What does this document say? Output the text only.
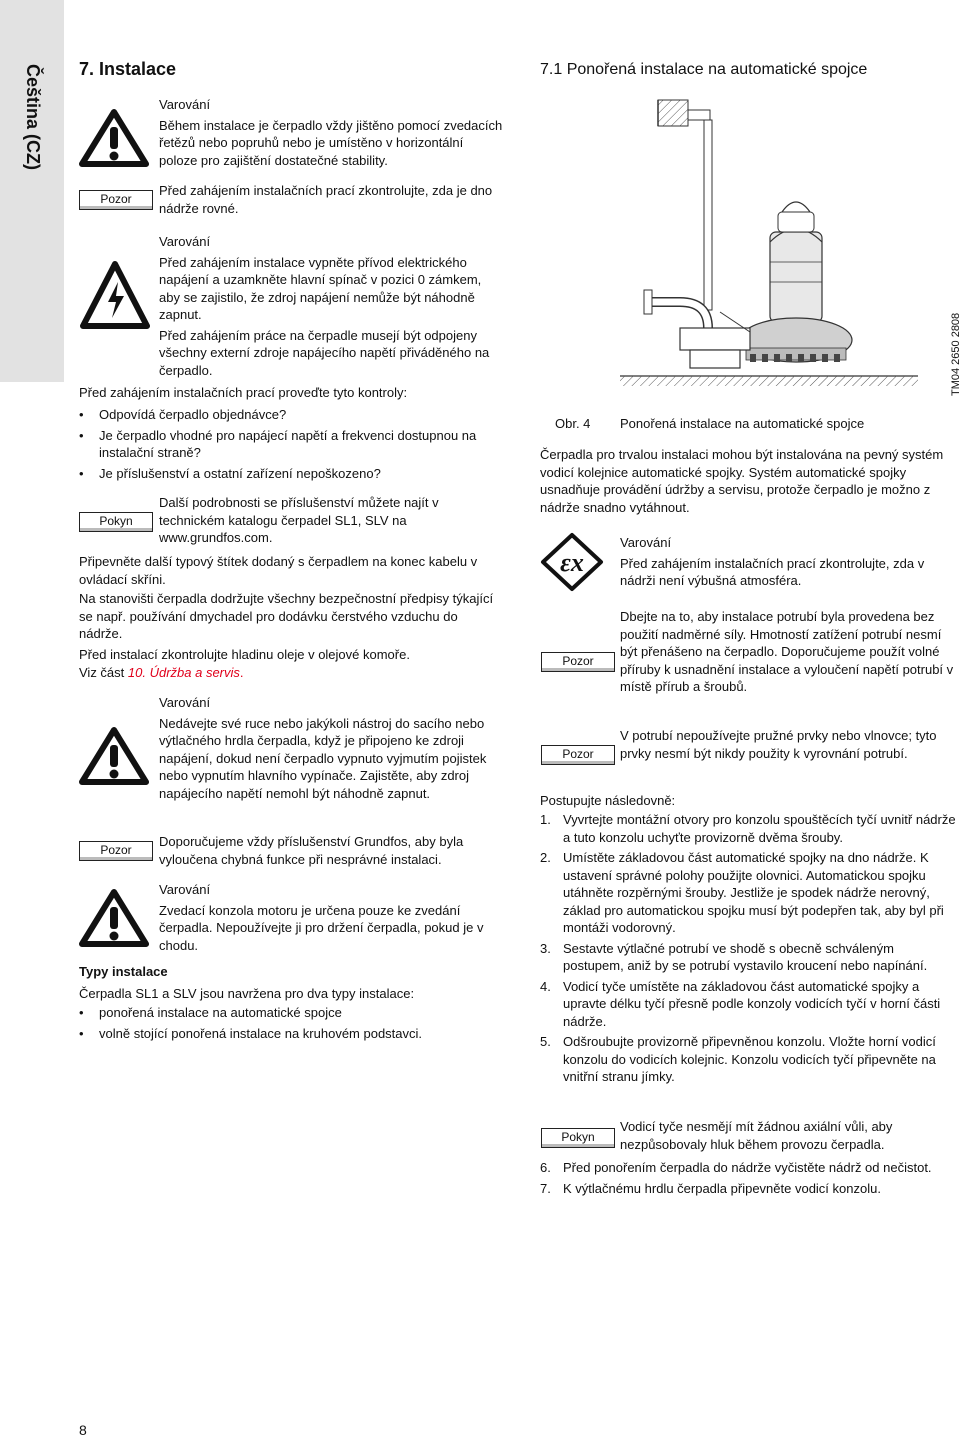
Čeština (CZ) 7. Instalace

Varování

Během instalace je čerpadlo vždy jištěno pomocí zvedacích řetězů nebo popruhů nebo je umístěno v horizontální poloze pro zajištění dostatečné stability.

Pozor
Před zahájením instalačních prací zkontrolujte, zda je dno nádrže rovné.

Varování

Před zahájením instalace vypněte přívod elektrického napájení a uzamkněte hlavní spínač v pozici 0 zámkem, aby se zajistilo, že zdroj napájení nemůže být náhodně zapnut.

Před zahájením práce na čerpadle musejí být odpojeny všechny externí zdroje napájecího napětí přiváděného na čerpadlo.

Před zahájením instalačních prací proveďte tyto kontroly:
• Odpovídá čerpadlo objednávce?
• Je čerpadlo vhodné pro napájecí napětí a frekvenci dostupnou na instalační straně?
• Je příslušenství a ostatní zařízení nepoškozeno?
Pokyn
Další podrobnosti se příslušenství můžete najít v technickém katalogu čerpadel SL1, SLV na www.grundfos.com.
Připevněte další typový štítek dodaný s čerpadlem na konec kabelu v ovládací skříni.
Na stanovišti čerpadla dodržujte všechny bezpečnostní předpisy týkající se např. používání dmychadel pro dodávku čerstvého vzduchu do nádrže.
Před instalací zkontrolujte hladinu oleje v olejové komoře.
Viz část 10. Údržba a servis.

Varování

Nedávejte své ruce nebo jakýkoli nástroj do sacího nebo výtlačného hrdla čerpadla, když je připojeno ke zdroji napájení, dokud není čerpadlo vypnuto vyjmutím pojistek nebo vypnutím hlavního vypínače. Zajistěte, aby zdroj napájecího napětí nemohl být náhodně zapnut.

Pozor
Doporučujeme vždy příslušenství Grundfos, aby byla vyloučena chybná funkce při nesprávné instalaci.

Varování

Zvedací konzola motoru je určena pouze ke zvedání čerpadla. Nepoužívejte ji pro držení čerpadla, pokud je v chodu.

Typy instalace
Čerpadla SL1 a SLV jsou navržena pro dva typy instalace:
• ponořená instalace na automatické spojce
• volně stojící ponořená instalace na kruhovém podstavci.
8
7.1 Ponořená instalace na automatické spojce
TM04 2650 2808
Obr. 4 Ponořená instalace na automatické spojce
Čerpadla pro trvalou instalaci mohou být instalována na pevný systém vodicí kolejnice automatické spojky. Systém automatické spojky usnadňuje provádění údržby a servisu, protože čerpadlo je možno z nádrže snadno vytáhnout.
εx

Varování

Před zahájením instalačních prací zkontrolujte, zda v nádrži není výbušná atmosféra.

Pozor
Dbejte na to, aby instalace potrubí byla provedena bez použití nadměrné síly. Hmotností zatížení potrubí nesmí být přenášeno na čerpadlo. Doporučujeme použít volné příruby k usnadnění instalace a vyloučení napětí potrubí v místě přírub a šroubů.
Pozor
V potrubí nepoužívejte pružné prvky nebo vlnovce; tyto prvky nesmí být nikdy použity k vyrovnání potrubí.
Postupujte následovně:
1. Vyvrtejte montážní otvory pro konzolu spouštěcích tyčí uvnitř nádrže a tuto konzolu uchyťte provizorně dvěma šrouby.
2. Umístěte základovou část automatické spojky na dno nádrže. K ustavení správné polohy použijte olovnici. Automatickou spojku utáhněte rozpěrnými šrouby. Jestliže je spodek nádrže nerovný, základ pro automatickou spojku musí být podepřen tak, aby byl při montáži vodorovný.
3. Sestavte výtlačné potrubí ve shodě s obecně schváleným postupem, aniž by se potrubí vystavilo kroucení nebo napínání.
4. Vodicí tyče umístěte na základovou část automatické spojky a upravte délku tyčí přesně podle konzoly vodicích tyčí v horní části nádrže.
5. Odšroubujte provizorně připevněnou konzolu. Vložte horní vodicí konzolu do vodicích kolejnic. Konzolu vodicích tyčí připevněte na vnitřní stranu jímky.
Pokyn
Vodicí tyče nesmějí mít žádnou axiální vůli, aby nezpůsobovaly hluk během provozu čerpadla.
6. Před ponořením čerpadla do nádrže vyčistěte nádrž od nečistot.
7. K výtlačnému hrdlu čerpadla připevněte vodicí konzolu.
